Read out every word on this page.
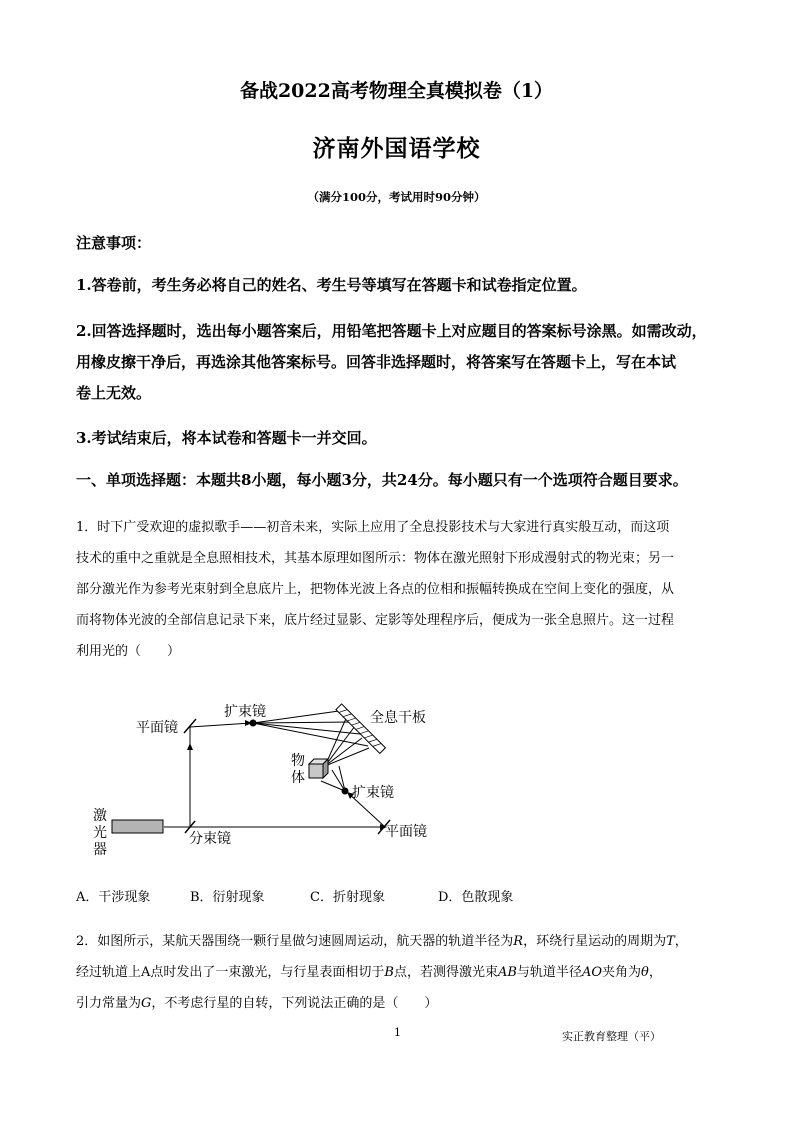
备战2022高考物理全真模拟卷（1）
济南外国语学校
（满分100分，考试用时90分钟）
注意事项：
1.答卷前，考生务必将自己的姓名、考生号等填写在答题卡和试卷指定位置。
2.回答选择题时，选出每小题答案后，用铅笔把答题卡上对应题目的答案标号涂黑。如需改动，
用橡皮擦干净后，再选涂其他答案标号。回答非选择题时，将答案写在答题卡上，写在本试
卷上无效。
3.考试结束后，将本试卷和答题卡一并交回。
一、单项选择题：本题共8小题，每小题3分，共24分。每小题只有一个选项符合题目要求。
1．时下广受欢迎的虚拟歌手——初音未来，实际上应用了全息投影技术与大家进行真实般互动，而这项
技术的重中之重就是全息照相技术，其基本原理如图所示：物体在激光照射下形成漫射式的物光束；另一
部分激光作为参考光束射到全息底片上，把物体光波上各点的位相和振幅转换成在空间上变化的强度，从
而将物体光波的全部信息记录下来，底片经过显影、定影等处理程序后，便成为一张全息照片。这一过程
利用光的（　　）
平面镜
扩束镜	全息干板
物
体
扩束镜
激
光
器
分束镜	平面镜
A．干涉现象	B．衍射现象	C．折射现象	D．色散现象
2．如图所示，某航天器围绕一颗行星做匀速圆周运动，航天器的轨道半径为R，环绕行星运动的周期为T，
经过轨道上A点时发出了一束激光，与行星表面相切于B点，若测得激光束AB与轨道半径AO夹角为θ，
引力常量为G，不考虑行星的自转，下列说法正确的是（　　）
1	实正教育整理（平）
